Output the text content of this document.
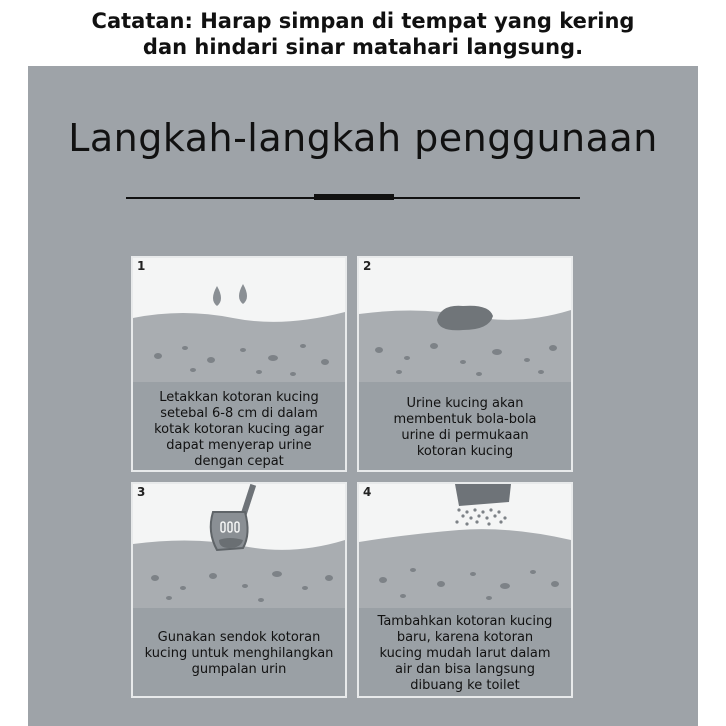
Catatan: Harap simpan di tempat yang kering
dan hindari sinar matahari langsung.
Langkah-langkah penggunaan
1
Letakkan kotoran kucing
setebal 6-8 cm di dalam
kotak kotoran kucing agar
dapat menyerap urine
dengan cepat
2
Urine kucing akan
membentuk bola-bola
urine di permukaan
kotoran kucing
3
Gunakan sendok kotoran
kucing untuk menghilangkan
gumpalan urin
4
Tambahkan kotoran kucing
baru, karena kotoran
kucing mudah larut dalam
air dan bisa langsung
dibuang ke toilet
